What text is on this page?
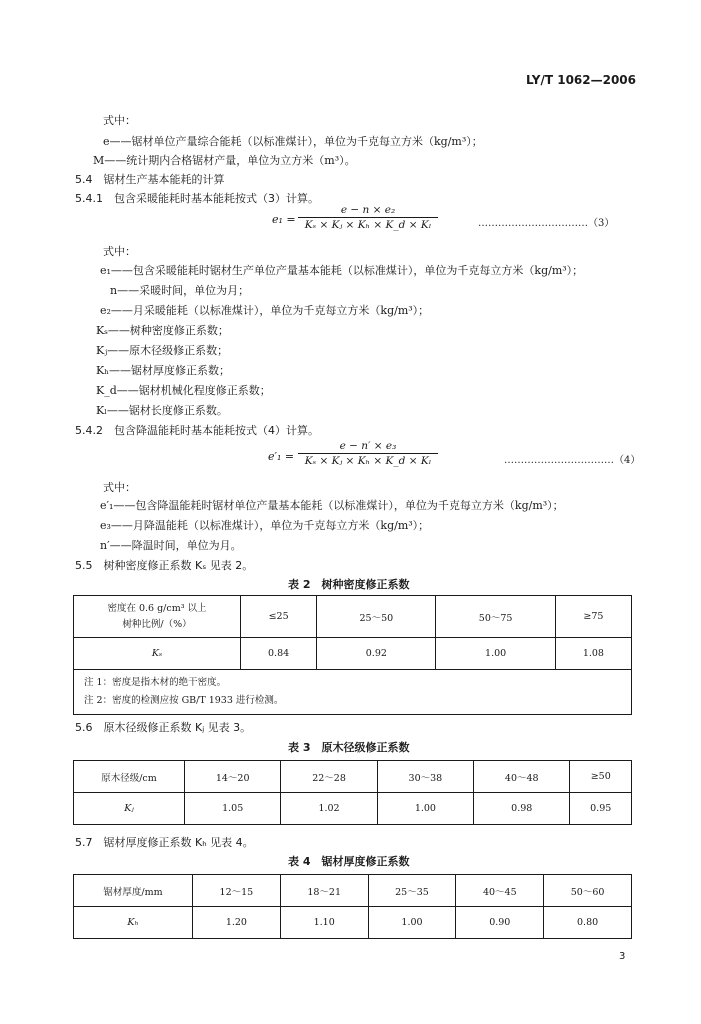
LY/T 1062—2006
式中：
e——锯材单位产量综合能耗（以标准煤计），单位为千克每立方米（kg/m³）；
M——统计期内合格锯材产量，单位为立方米（m³）。
5.4　锯材生产基本能耗的计算
5.4.1　包含采暖能耗时基本能耗按式（3）计算。
$e_1 = \frac{\text{e − n × e₂}}{\text{Kₛ × Kⱼ × Kₕ × K\_d × Kₗ}}$	……………………………（3）
式中：
e₁——包含采暖能耗时锯材生产单位产量基本能耗（以标准煤计），单位为千克每立方米（kg/m³）；
n——采暖时间，单位为月；
e₂——月采暖能耗（以标准煤计），单位为千克每立方米（kg/m³）；
Kₛ——树种密度修正系数；
Kⱼ——原木径级修正系数；
Kₕ——锯材厚度修正系数；
K_d——锯材机械化程度修正系数；
Kₗ——锯材长度修正系数。
5.4.2　包含降温能耗时基本能耗按式（4）计算。
$e'_1 = \frac{\text{e − n′ × e₃}}{\text{Kₛ × Kⱼ × Kₕ × K\_d × Kₗ}}$	……………………………（4）
式中：
e′₁——包含降温能耗时锯材单位产量基本能耗（以标准煤计），单位为千克每立方米（kg/m³）；
e₃——月降温能耗（以标准煤计），单位为千克每立方米（kg/m³）；
n′——降温时间，单位为月。
5.5　树种密度修正系数 Kₛ 见表 2。
表 2　树种密度修正系数
密度在 0.6 g/cm³ 以上
树种比例/（%）	≤25	25～50	50～75	≥75
Kₛ	0.84	0.92	1.00	1.08

注 1：密度是指木材的绝干密度。
注 2：密度的检测应按 GB/T 1933 进行检测。				
5.6　原木径级修正系数 Kⱼ 见表 3。
表 3　原木径级修正系数
原木径级/cm	14～20	22～28	30～38	40～48	≥50
Kⱼ	1.05	1.02	1.00	0.98	0.95
5.7　锯材厚度修正系数 Kₕ 见表 4。
表 4　锯材厚度修正系数
锯材厚度/mm	12～15	18～21	25～35	40～45	50～60
Kₕ	1.20	1.10	1.00	0.90	0.80
3
